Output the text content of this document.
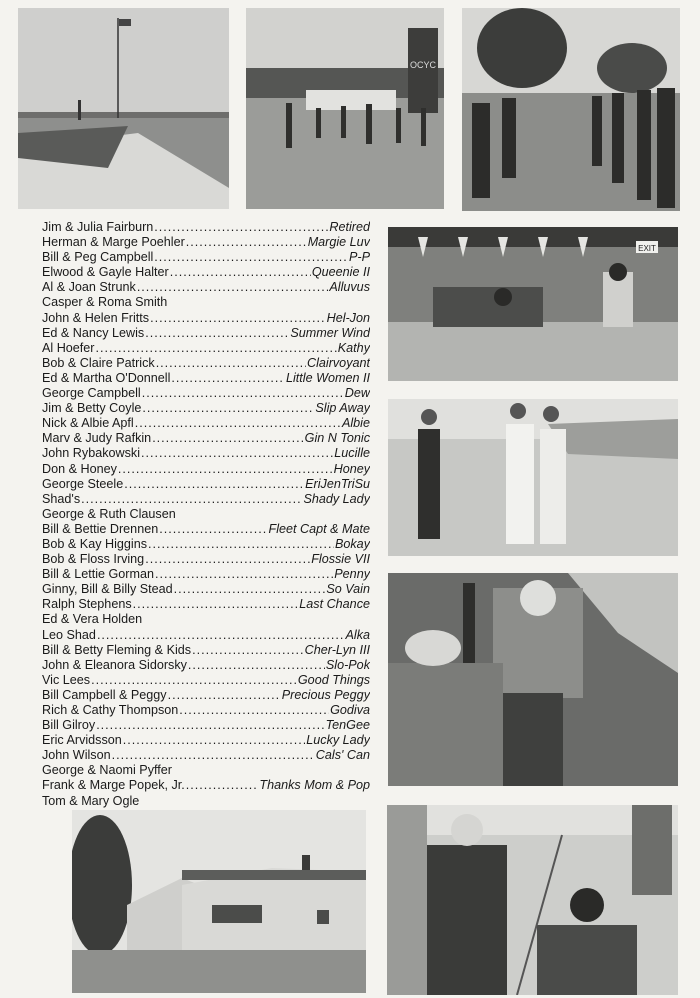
OCYC
Jim & Julia Fairburn .....	Retired
Herman & Marge Poehler .....	Margie Luv
Bill & Peg Campbell .....	P-P
Elwood & Gayle Halter .....	Queenie II
Al & Joan Strunk .....	Alluvus
Casper & Roma Smith
John & Helen Fritts .....	Hel-Jon
Ed & Nancy Lewis .....	Summer Wind
Al Hoefer .....	Kathy
Bob & Claire Patrick .....	Clairvoyant
Ed & Martha O'Donnell .....	Little Women II
George Campbell .....	Dew
Jim & Betty Coyle .....	Slip Away
Nick & Albie Apfl .....	Albie
Marv & Judy Rafkin .....	Gin N Tonic
John Rybakowski .....	Lucille
Don & Honey .....	Honey
George Steele .....	EriJenTriSu
Shad's .....	Shady Lady
George & Ruth Clausen
Bill & Bettie Drennen .....	Fleet Capt & Mate
Bob & Kay Higgins .....	Bokay
Bob & Floss Irving .....	Flossie VII
Bill & Lettie Gorman .....	Penny
Ginny, Bill & Billy Stead .....	So Vain
Ralph Stephens .....	Last Chance
Ed & Vera Holden
Leo Shad .....	Alka
Bill & Betty Fleming & Kids .....	Cher-Lyn III
John & Eleanora Sidorsky .....	Slo-Pok
Vic Lees .....	Good Things
Bill Campbell & Peggy .....	Precious Peggy
Rich & Cathy Thompson .....	Godiva
Bill Gilroy .....	TenGee
Eric Arvidsson .....	Lucky Lady
John Wilson .....	Cals' Can
George & Naomi Pyffer
Frank & Marge Popek, Jr. .....	Thanks Mom & Pop
Tom & Mary Ogle
EXIT
